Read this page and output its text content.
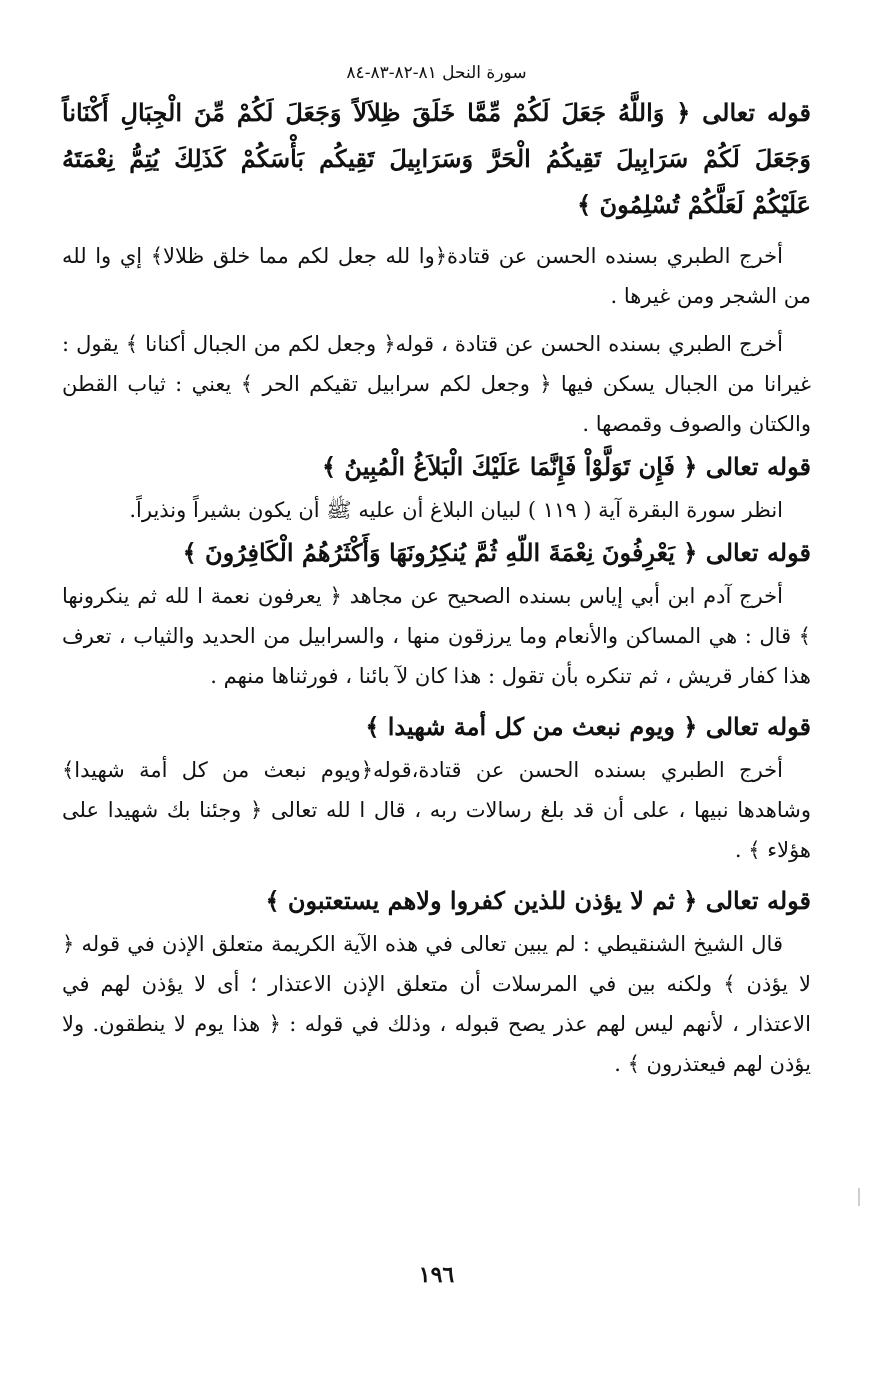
سورة النحل ٨١-٨٢-٨٣-٨٤

قوله تعالى ﴿ وَاللَّهُ جَعَلَ لَكُمْ مِّمَّا خَلَقَ ظِلاَلاً وَجَعَلَ لَكُمْ مِّنَ الْجِبَالِ أَكْنَاناً وَجَعَلَ لَكُمْ سَرَابِيلَ تَقِيكُمُ الْحَرَّ وَسَرَابِيلَ تَقِيكُم بَأْسَكُمْ كَذَلِكَ يُتِمُّ نِعْمَتَهُ عَلَيْكُمْ لَعَلَّكُمْ تُسْلِمُونَ ﴾

أخرج الطبري بسنده الحسن عن قتادة﴿وا لله جعل لكم مما خلق ظلالا﴾ إي وا لله من الشجر ومن غيرها .

أخرج الطبري بسنده الحسن عن قتادة ، قوله﴿ وجعل لكم من الجبال أكنانا ﴾ يقول : غيرانا من الجبال يسكن فيها ﴿ وجعل لكم سرابيل تقيكم الحر ﴾ يعني : ثياب القطن والكتان والصوف وقمصها .

قوله تعالى ﴿ فَإِن تَوَلَّوْاْ فَإِنَّمَا عَلَيْكَ الْبَلاَغُ الْمُبِينُ ﴾

انظر سورة البقرة آية ( ١١٩ ) لبيان البلاغ أن عليه ﷺ أن يكون بشيراً ونذيراً.

قوله تعالى ﴿ يَعْرِفُونَ نِعْمَةَ اللّهِ ثُمَّ يُنكِرُونَهَا وَأَكْثَرُهُمُ الْكَافِرُونَ ﴾

أخرج آدم ابن أبي إياس بسنده الصحيح عن مجاهد ﴿ يعرفون نعمة ا لله ثم ينكرونها ﴾ قال : هي المساكن والأنعام وما يرزقون منها ، والسرابيل من الحديد والثياب ، تعرف هذا كفار قريش ، ثم تنكره بأن تقول : هذا كان لآ بائنا ، فورثناها منهم .

قوله تعالى ﴿ ويوم نبعث من كل أمة شهيدا ﴾

أخرج الطبري بسنده الحسن عن قتادة،قوله﴿ويوم نبعث من كل أمة شهيدا﴾ وشاهدها نبيها ، على أن قد بلغ رسالات ربه ، قال ا لله تعالى ﴿ وجئنا بك شهيدا على هؤلاء ﴾ .

قوله تعالى ﴿ ثم لا يؤذن للذين كفروا ولاهم يستعتبون ﴾

قال الشيخ الشنقيطي : لم يبين تعالى في هذه الآية الكريمة متعلق الإذن في قوله ﴿ لا يؤذن ﴾ ولكنه بين في المرسلات أن متعلق الإذن الاعتذار ؛ أى لا يؤذن لهم في الاعتذار ، لأنهم ليس لهم عذر يصح قبوله ، وذلك في قوله : ﴿ هذا يوم لا ينطقون. ولا يؤذن لهم فيعتذرون ﴾ .

١٩٦
